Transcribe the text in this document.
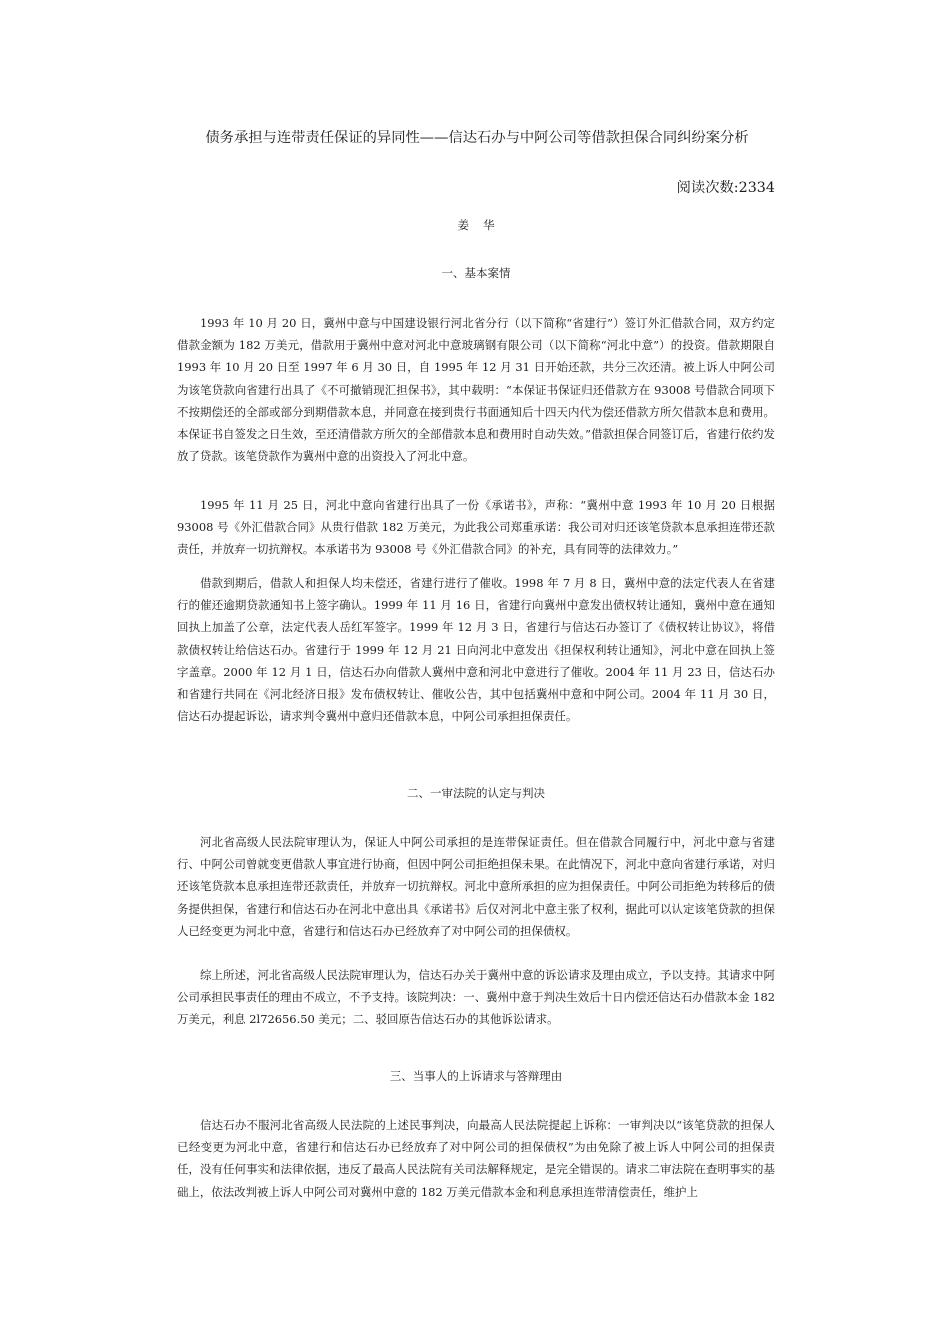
债务承担与连带责任保证的异同性——信达石办与中阿公司等借款担保合同纠纷案分析
阅读次数:2334
姜华
一、基本案情

1993 年 10 月 20 日，冀州中意与中国建设银行河北省分行（以下简称“省建行”）签订外汇借款合同，双方约定借款金额为 182 万美元，借款用于冀州中意对河北中意玻璃钢有限公司（以下简称“河北中意”）的投资。借款期限自 1993 年 10 月 20 日至 1997 年 6 月 30 日，自 1995 年 12 月 31 日开始还款，共分三次还清。被上诉人中阿公司为该笔贷款向省建行出具了《不可撤销现汇担保书》，其中载明：“本保证书保证归还借款方在 93008 号借款合同项下不按期偿还的全部或部分到期借款本息，并同意在接到贵行书面通知后十四天内代为偿还借款方所欠借款本息和费用。本保证书自签发之日生效，至还清借款方所欠的全部借款本息和费用时自动失效。”借款担保合同签订后，省建行依约发放了贷款。该笔贷款作为冀州中意的出资投入了河北中意。

1995 年 11 月 25 日，河北中意向省建行出具了一份《承诺书》，声称：“冀州中意 1993 年 10 月 20 日根据 93008 号《外汇借款合同》从贵行借款 182 万美元，为此我公司郑重承诺：我公司对归还该笔贷款本息承担连带还款责任，并放弃一切抗辩权。本承诺书为 93008 号《外汇借款合同》的补充，具有同等的法律效力。”

借款到期后，借款人和担保人均未偿还，省建行进行了催收。1998 年 7 月 8 日，冀州中意的法定代表人在省建行的催还逾期贷款通知书上签字确认。1999 年 11 月 16 日，省建行向冀州中意发出债权转让通知，冀州中意在通知回执上加盖了公章，法定代表人岳红军签字。1999 年 12 月 3 日，省建行与信达石办签订了《债权转让协议》，将借款债权转让给信达石办。省建行于 1999 年 12 月 21 日向河北中意发出《担保权利转让通知》，河北中意在回执上签字盖章。2000 年 12 月 1 日，信达石办向借款人冀州中意和河北中意进行了催收。2004 年 11 月 23 日，信达石办和省建行共同在《河北经济日报》发布债权转让、催收公告，其中包括冀州中意和中阿公司。2004 年 11 月 30 日，信达石办提起诉讼，请求判令冀州中意归还借款本息，中阿公司承担担保责任。

二、一审法院的认定与判决

河北省高级人民法院审理认为，保证人中阿公司承担的是连带保证责任。但在借款合同履行中，河北中意与省建行、中阿公司曾就变更借款人事宜进行协商，但因中阿公司拒绝担保未果。在此情况下，河北中意向省建行承诺，对归还该笔贷款本息承担连带还款责任，并放弃一切抗辩权。河北中意所承担的应为担保责任。中阿公司拒绝为转移后的债务提供担保，省建行和信达石办在河北中意出具《承诺书》后仅对河北中意主张了权利，据此可以认定该笔贷款的担保人已经变更为河北中意，省建行和信达石办已经放弃了对中阿公司的担保债权。

综上所述，河北省高级人民法院审理认为，信达石办关于冀州中意的诉讼请求及理由成立，予以支持。其请求中阿公司承担民事责任的理由不成立，不予支持。该院判决：一、冀州中意于判决生效后十日内偿还信达石办借款本金 182 万美元，利息 2l72656.50 美元；二、驳回原告信达石办的其他诉讼请求。

三、当事人的上诉请求与答辩理由

信达石办不服河北省高级人民法院的上述民事判决，向最高人民法院提起上诉称：一审判决以“该笔贷款的担保人已经变更为河北中意，省建行和信达石办已经放弃了对中阿公司的担保债权”为由免除了被上诉人中阿公司的担保责任，没有任何事实和法律依据，违反了最高人民法院有关司法解释规定，是完全错误的。请求二审法院在查明事实的基础上，依法改判被上诉人中阿公司对冀州中意的 182 万美元借款本金和利息承担连带清偿责任，维护上
